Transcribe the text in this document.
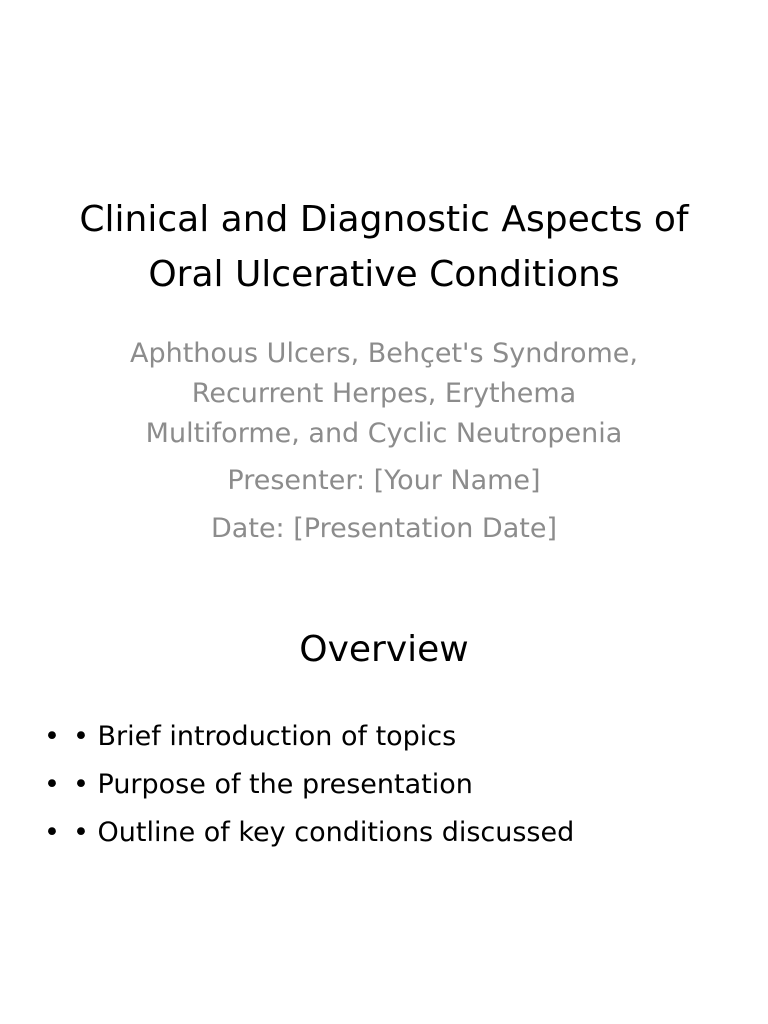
Clinical and Diagnostic Aspects of
Oral Ulcerative Conditions

Aphthous Ulcers, Behçet's Syndrome,
Recurrent Herpes, Erythema
Multiforme, and Cyclic Neutropenia

Presenter: [Your Name]

Date: [Presentation Date]

Overview
• • Brief introduction of topics
• • Purpose of the presentation
• • Outline of key conditions discussed
